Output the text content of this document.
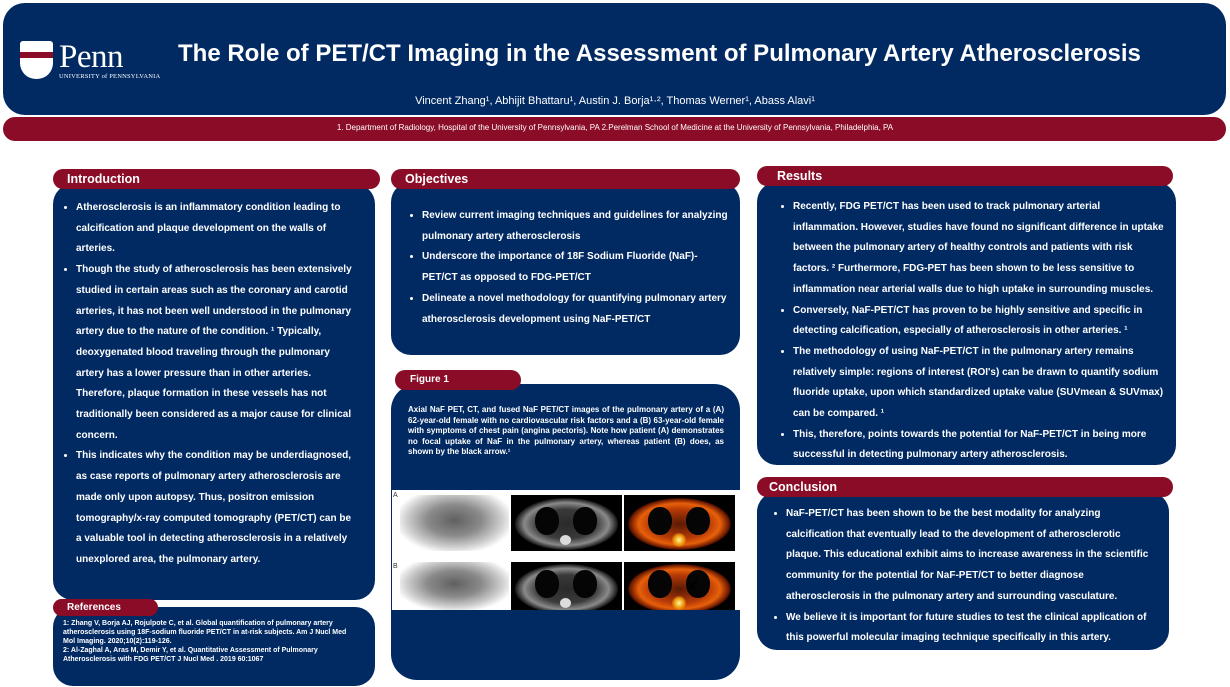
Penn
UNIVERSITY of PENNSYLVANIA
The Role of PET/CT Imaging in the Assessment of Pulmonary Artery Atherosclerosis
Vincent Zhang¹, Abhijit Bhattaru¹, Austin J. Borja¹·², Thomas Werner¹, Abass Alavi¹
1. Department of Radiology, Hospital of the University of Pennsylvania, PA 2.Perelman School of Medicine at the University of Pennsylvania, Philadelphia, PA
Introduction
• Atherosclerosis is an inflammatory condition leading to calcification and plaque development on the walls of arteries.
• Though the study of atherosclerosis has been extensively studied in certain areas such as the coronary and carotid arteries, it has not been well understood in the pulmonary artery due to the nature of the condition. ¹ Typically, deoxygenated blood traveling through the pulmonary artery has a lower pressure than in other arteries. Therefore, plaque formation in these vessels has not traditionally been considered as a major cause for clinical concern.
• This indicates why the condition may be underdiagnosed, as case reports of pulmonary artery atherosclerosis are made only upon autopsy. Thus, positron emission tomography/x-ray computed tomography (PET/CT) can be a valuable tool in detecting atherosclerosis in a relatively unexplored area, the pulmonary artery.
References
1: Zhang V, Borja AJ, Rojulpote C, et al. Global quantification of pulmonary artery atherosclerosis using 18F-sodium fluoride PET/CT in at-risk subjects. Am J Nucl Med Mol Imaging. 2020;10(2):119-126.
2: Al-Zaghal A, Aras M, Demir Y, et al. Quantitative Assessment of Pulmonary Atherosclerosis with FDG PET/CT J Nucl Med . 2019 60:1067
Objectives
• Review current imaging techniques and guidelines for analyzing pulmonary artery atherosclerosis
• Underscore the importance of 18F Sodium Fluoride (NaF)-PET/CT as opposed to FDG-PET/CT
• Delineate a novel methodology for quantifying pulmonary artery atherosclerosis development using NaF-PET/CT
Figure 1
Axial NaF PET, CT, and fused NaF PET/CT images of the pulmonary artery of a (A) 62-year-old female with no cardiovascular risk factors and a (B) 63-year-old female with symptoms of chest pain (angina pectoris). Note how patient (A) demonstrates no focal uptake of NaF in the pulmonary artery, whereas patient (B) does, as shown by the black arrow.¹
A
B
Results
• Recently, FDG PET/CT has been used to track pulmonary arterial inflammation. However, studies have found no significant difference in uptake between the pulmonary artery of healthy controls and patients with risk factors. ² Furthermore, FDG-PET has been shown to be less sensitive to inflammation near arterial walls due to high uptake in surrounding muscles.
• Conversely, NaF-PET/CT has proven to be highly sensitive and specific in detecting calcification, especially of atherosclerosis in other arteries. ¹
• The methodology of using NaF-PET/CT in the pulmonary artery remains relatively simple: regions of interest (ROI's) can be drawn to quantify sodium fluoride uptake, upon which standardized uptake value (SUVmean & SUVmax) can be compared. ¹
• This, therefore, points towards the potential for NaF-PET/CT in being more successful in detecting pulmonary artery atherosclerosis.
Conclusion
• NaF-PET/CT has been shown to be the best modality for analyzing calcification that eventually lead to the development of atherosclerotic plaque. This educational exhibit aims to increase awareness in the scientific community for the potential for NaF-PET/CT to better diagnose atherosclerosis in the pulmonary artery and surrounding vasculature.
• We believe it is important for future studies to test the clinical application of this powerful molecular imaging technique specifically in this artery.
